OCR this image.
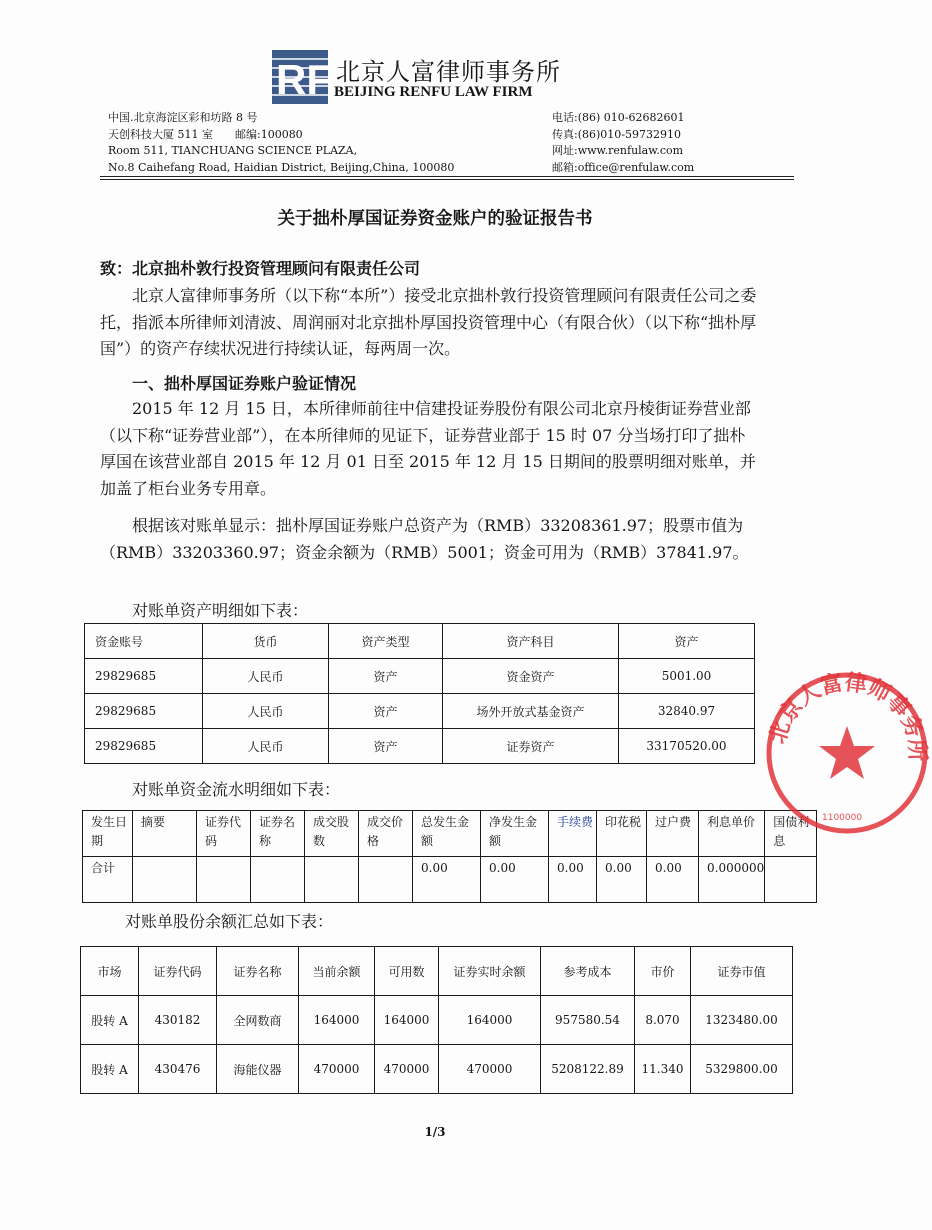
RF 北京人富律师事务所
BEIJING RENFU LAW FIRM
中国.北京海淀区彩和坊路 8 号
天创科技大厦 511 室　　邮编:100080
Room 511, TIANCHUANG SCIENCE PLAZA,
No.8 Caihefang Road, Haidian District, Beijing,China, 100080
电话:(86) 010-62682601
传真:(86)010-59732910
网址:www.renfulaw.com
邮箱:office@renfulaw.com
关于拙朴厚国证券资金账户的验证报告书
致：北京拙朴敦行投资管理顾问有限责任公司
北京人富律师事务所（以下称“本所”）接受北京拙朴敦行投资管理顾问有限责任公司之委托，指派本所律师刘清波、周润丽对北京拙朴厚国投资管理中心（有限合伙）（以下称“拙朴厚国”）的资产存续状况进行持续认证，每两周一次。
一、拙朴厚国证券账户验证情况
2015 年 12 月 15 日，本所律师前往中信建投证券股份有限公司北京丹棱街证券营业部（以下称“证券营业部”），在本所律师的见证下，证券营业部于 15 时 07 分当场打印了拙朴厚国在该营业部自 2015 年 12 月 01 日至 2015 年 12 月 15 日期间的股票明细对账单，并加盖了柜台业务专用章。
根据该对账单显示：拙朴厚国证券账户总资产为（RMB）33208361.97；股票市值为（RMB）33203360.97；资金余额为（RMB）5001；资金可用为（RMB）37841.97。
对账单资产明细如下表：
资金账号	货币	资产类型	资产科目	资产
29829685	人民币	资产	资金资产	5001.00
29829685	人民币	资产	场外开放式基金资产	32840.97
29829685	人民币	资产	证券资产	33170520.00
对账单资金流水明细如下表：
发生日期	摘要	证券代码	证券名称	成交股数	成交价格	总发生金额	净发生金额	手续费	印花税	过户费	利息单价	国债利息
合计						0.00	0.00	0.00	0.00	0.00	0.000000	
对账单股份余额汇总如下表：
市场	证券代码	证券名称	当前余额	可用数	证券实时余额	参考成本	市价	证券市值
股转 A	430182	全网数商	164000	164000	164000	957580.54	8.070	1323480.00
股转 A	430476	海能仪器	470000	470000	470000	5208122.89	11.340	5329800.00
1/3
北京人富律师事务所
1100000
